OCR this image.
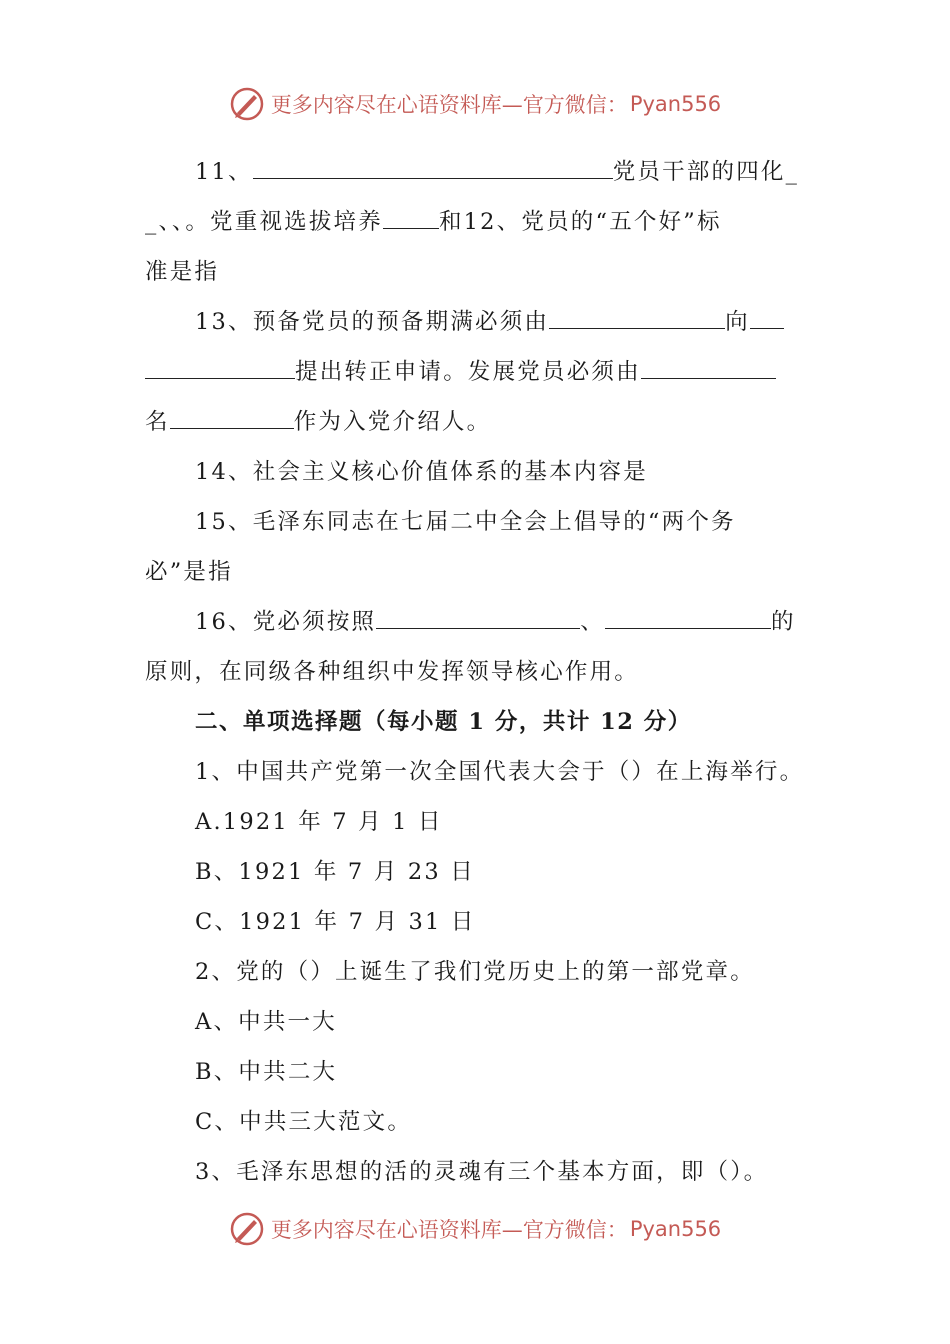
更多内容尽在心语资料库— 官方微信： Pyan556
11、	党员干部的四化_
_、、。党重视选拔培养 和12、党员的“五个好”标
准是指
13、预备党员的预备期满必须由	向
提出转正申请。发展党员必须由
名	作为入党介绍人。
14、社会主义核心价值体系的基本内容是
15、毛泽东同志在七届二中全会上倡导的“两个务
必”是指
16、党必须按照	、	的
原则，在同级各种组织中发挥领导核心作用。
二、单项选择题（每小题 1 分，共计 12 分）
1、中国共产党第一次全国代表大会于（）在上海举行。
A.1921 年 7 月 1 日
B、1921 年 7 月 23 日
C、1921 年 7 月 31 日
2、党的（）上诞生了我们党历史上的第一部党章。
A、中共一大
B、中共二大
C、中共三大范文。
3、毛泽东思想的活的灵魂有三个基本方面，即（）。
更多内容尽在心语资料库— 官方微信： Pyan556
